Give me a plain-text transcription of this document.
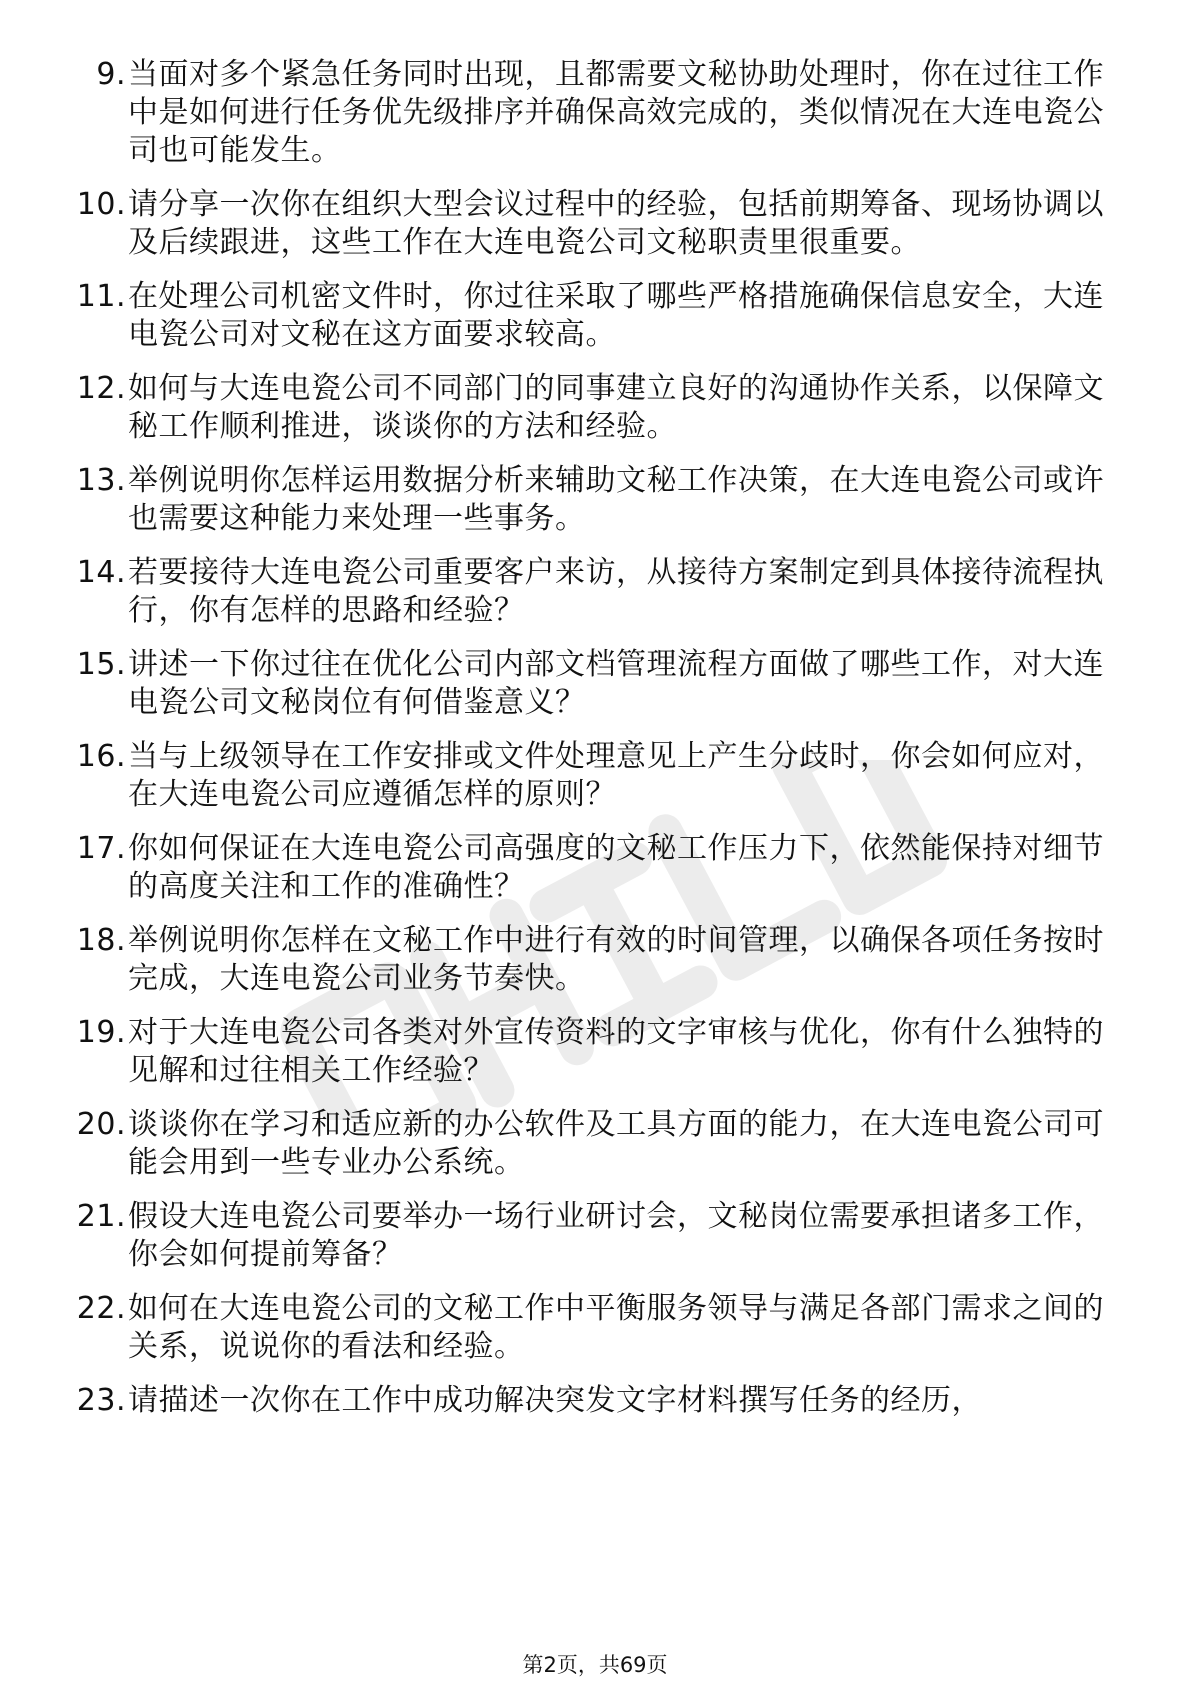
9. 当面对多个紧急任务同时出现，且都需要文秘协助处理时，你在过往工作中是如何进行任务优先级排序并确保高效完成的，类似情况在大连电瓷公司也可能发生。
10. 请分享一次你在组织大型会议过程中的经验，包括前期筹备、现场协调以及后续跟进，这些工作在大连电瓷公司文秘职责里很重要。
11. 在处理公司机密文件时，你过往采取了哪些严格措施确保信息安全，大连电瓷公司对文秘在这方面要求较高。
12. 如何与大连电瓷公司不同部门的同事建立良好的沟通协作关系，以保障文秘工作顺利推进，谈谈你的方法和经验。
13. 举例说明你怎样运用数据分析来辅助文秘工作决策，在大连电瓷公司或许也需要这种能力来处理一些事务。
14. 若要接待大连电瓷公司重要客户来访，从接待方案制定到具体接待流程执行，你有怎样的思路和经验？
15. 讲述一下你过往在优化公司内部文档管理流程方面做了哪些工作，对大连电瓷公司文秘岗位有何借鉴意义？
16. 当与上级领导在工作安排或文件处理意见上产生分歧时，你会如何应对，在大连电瓷公司应遵循怎样的原则？
17. 你如何保证在大连电瓷公司高强度的文秘工作压力下，依然能保持对细节的高度关注和工作的准确性？
18. 举例说明你怎样在文秘工作中进行有效的时间管理，以确保各项任务按时完成，大连电瓷公司业务节奏快。
19. 对于大连电瓷公司各类对外宣传资料的文字审核与优化，你有什么独特的见解和过往相关工作经验？
20. 谈谈你在学习和适应新的办公软件及工具方面的能力，在大连电瓷公司可能会用到一些专业办公系统。
21. 假设大连电瓷公司要举办一场行业研讨会，文秘岗位需要承担诸多工作，你会如何提前筹备？
22. 如何在大连电瓷公司的文秘工作中平衡服务领导与满足各部门需求之间的关系，说说你的看法和经验。
23. 请描述一次你在工作中成功解决突发文字材料撰写任务的经历，
第2页，共69页
